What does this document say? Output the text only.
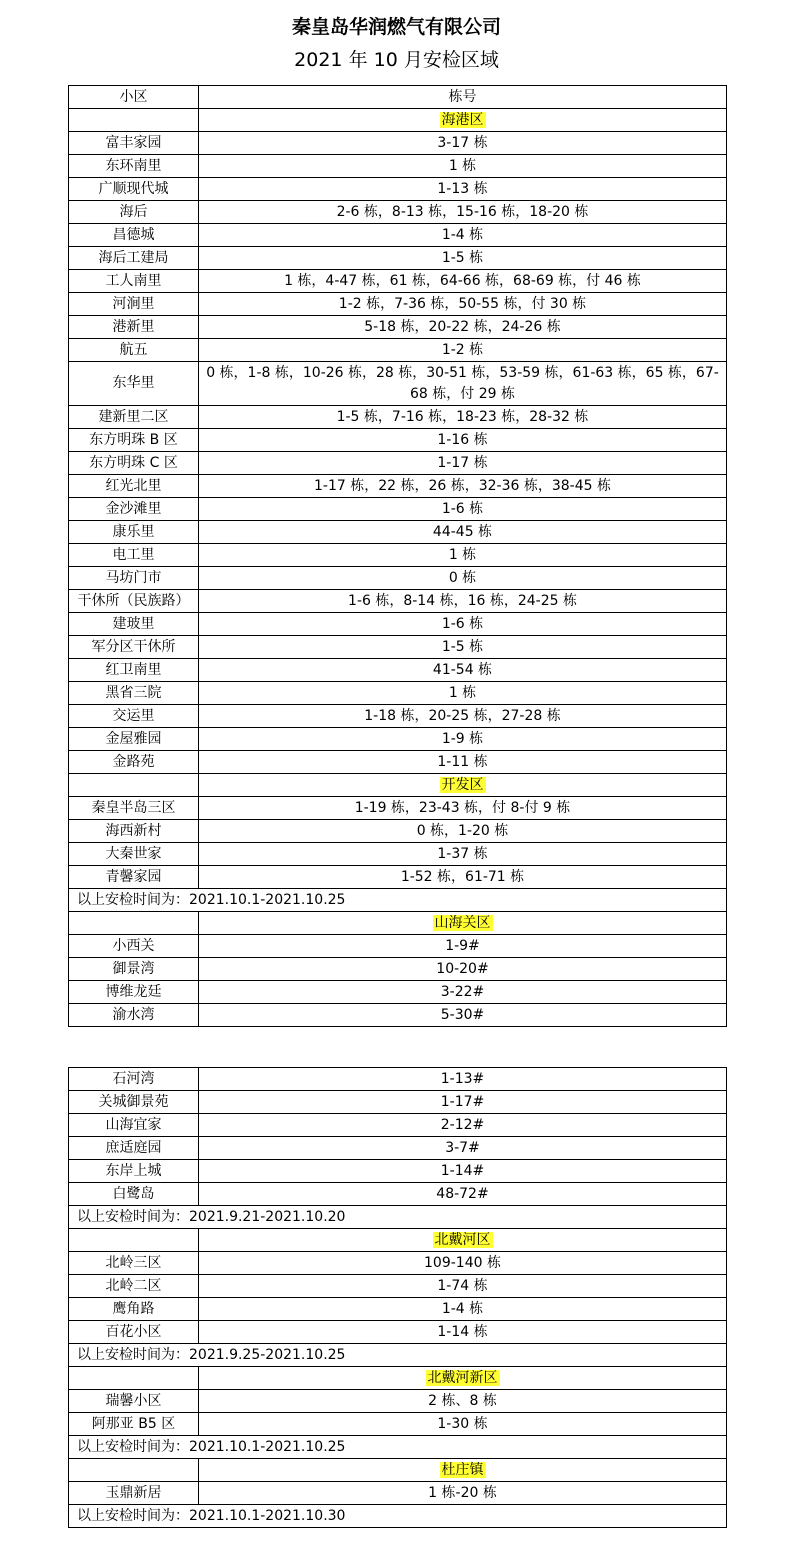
秦皇岛华润燃气有限公司
2021 年 10 月安检区域
小区	栋号
	海港区
富丰家园	3-17 栋
东环南里	1 栋
广顺现代城	1-13 栋
海后	2-6 栋，8-13 栋，15-16 栋，18-20 栋
昌德城	1-4 栋
海后工建局	1-5 栋
工人南里	1 栋，4-47 栋，61 栋，64-66 栋，68-69 栋，付 46 栋
河涧里	1-2 栋，7-36 栋，50-55 栋，付 30 栋
港新里	5-18 栋，20-22 栋，24-26 栋
航五	1-2 栋
东华里	0 栋，1-8 栋，10-26 栋，28 栋，30-51 栋，53-59 栋，61-63 栋，65 栋，67-68 栋，付 29 栋
建新里二区	1-5 栋，7-16 栋，18-23 栋，28-32 栋
东方明珠 B 区	1-16 栋
东方明珠 C 区	1-17 栋
红光北里	1-17 栋，22 栋，26 栋，32-36 栋，38-45 栋
金沙滩里	1-6 栋
康乐里	44-45 栋
电工里	1 栋
马坊门市	0 栋
干休所（民族路）	1-6 栋，8-14 栋，16 栋，24-25 栋
建玻里	1-6 栋
军分区干休所	1-5 栋
红卫南里	41-54 栋
黑省三院	1 栋
交运里	1-18 栋，20-25 栋，27-28 栋
金屋雅园	1-9 栋
金路苑	1-11 栋
	开发区
秦皇半岛三区	1-19 栋，23-43 栋，付 8-付 9 栋
海西新村	0 栋，1-20 栋
大秦世家	1-37 栋
青馨家园	1-52 栋，61-71 栋
以上安检时间为：2021.10.1-2021.10.25	
	山海关区
小西关	1-9#
御景湾	10-20#
博维龙廷	3-22#
渝水湾	5-30#
石河湾	1-13#
关城御景苑	1-17#
山海宜家	2-12#
庶适庭园	3-7#
东岸上城	1-14#
白鹭岛	48-72#
以上安检时间为：2021.9.21-2021.10.20	
	北戴河区
北岭三区	109-140 栋
北岭二区	1-74 栋
鹰角路	1-4 栋
百花小区	1-14 栋
以上安检时间为：2021.9.25-2021.10.25	
	北戴河新区
瑞馨小区	2 栋、8 栋
阿那亚 B5 区	1-30 栋
以上安检时间为：2021.10.1-2021.10.25	
	杜庄镇
玉鼎新居	1 栋-20 栋
以上安检时间为：2021.10.1-2021.10.30	
